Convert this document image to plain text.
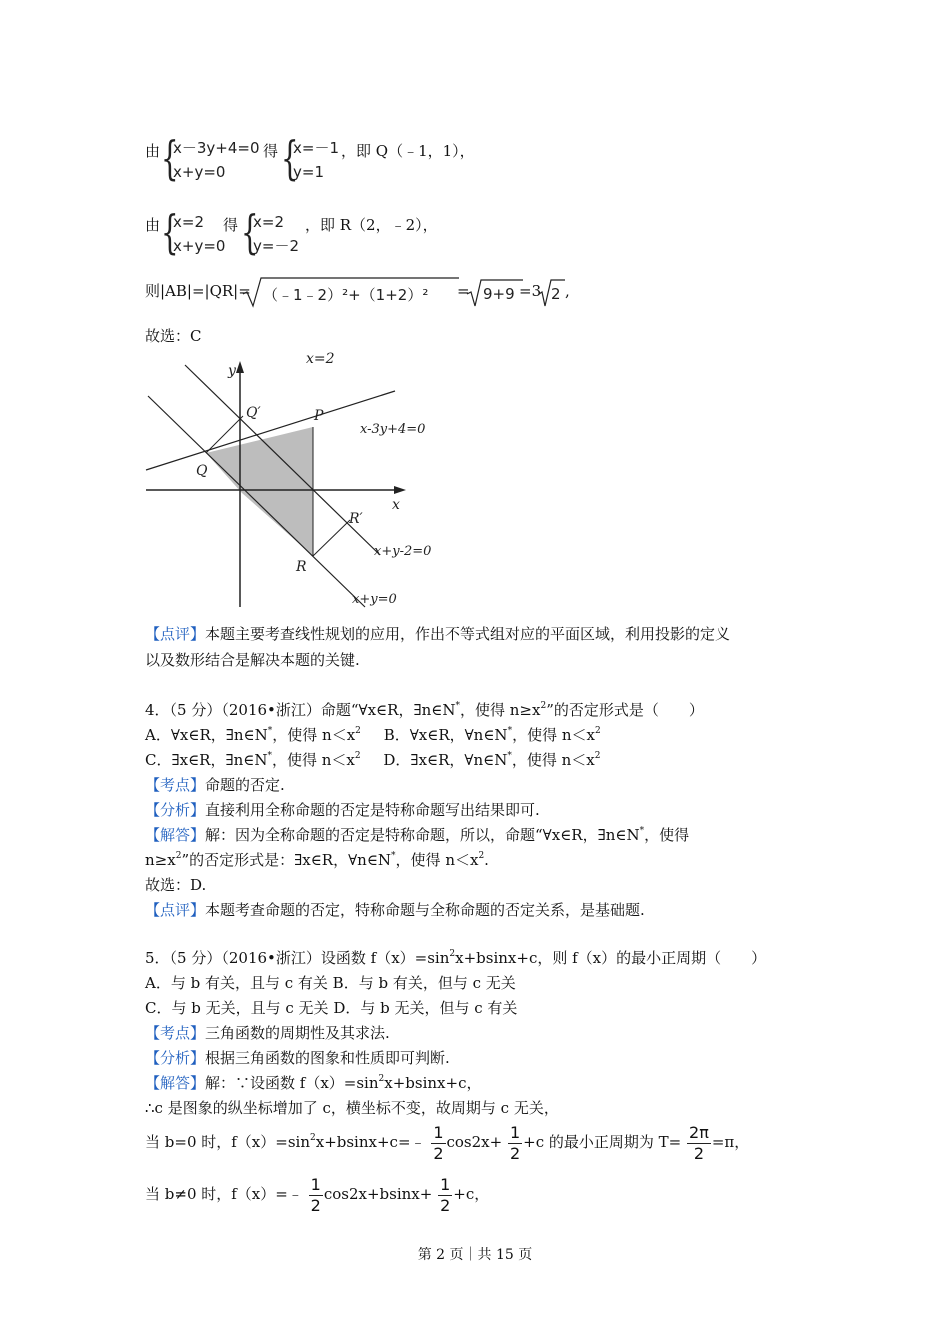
由 {
x－3y+4=0
x+y=0
得 {
x=－1
y=1
，即 Q（﹣1，1），
由 {
x=2
x+y=0
得 {
x=2
y=－2
，即 R（2，﹣2），
则|AB|=|QR|= （﹣1﹣2）²+（1+2）² = 9+9 =3 2 ,
故选：C
x=2
y
x
Q′	P
Q
x-3y+4=0
R′
x+y-2=0
R
x+y=0
【点评】本题主要考查线性规划的应用，作出不等式组对应的平面区域，利用投影的定义
以及数形结合是解决本题的关键.
4．（5 分）（2016•浙江）命题“∀x∈R，∃n∈N*，使得 $n\ge x^2$”的否定形式是（　　）
A．∀x∈R，∃n∈N*，使得 $n<x^2$ B．∀x∈R，∀n∈N*，使得 $n<x^2$
C．∃x∈R，∃n∈N*，使得 $n<x^2$ D．∃x∈R，∀n∈N*，使得 $n<x^2$
【考点】命题的否定.
【分析】直接利用全称命题的否定是特称命题写出结果即可.
【解答】解：因为全称命题的否定是特称命题，所以，命题“∀x∈R，∃n∈N*，使得
$n\ge x^2$”的否定形式是：∃x∈R，∀n∈N*，使得 $n<x^2$.
故选：D.
【点评】本题考查命题的否定，特称命题与全称命题的否定关系，是基础题.
5．（5 分）（2016•浙江）设函数 $f(x)=\sin^2x+bsinx+c$，则 f（x）的最小正周期（　　）
A．与 b 有关，且与 c 有关 B．与 b 有关，但与 c 无关
C．与 b 无关，且与 c 无关 D．与 b 无关，但与 c 有关
【考点】三角函数的周期性及其求法.
【分析】根据三角函数的图象和性质即可判断.
【解答】解：∵设函数 $f(x)=\sin^2x+bsinx+c$，
∴c 是图象的纵坐标增加了 c，横坐标不变，故周期与 c 无关，
当 b=0 时，$f(x)=\sin^2x+bsinx+c=﹣ \frac{1}{2} \cos 2x+ \frac{1}{2} +c$ 的最小正周期为 $T= \frac{2\pi}{2} =\pi$，
当 b≠0 时，f（x）=﹣ $\frac{1}{2} \cos 2x+bsinx+ \frac{1}{2} +c$，
第 2 页｜共 15 页
